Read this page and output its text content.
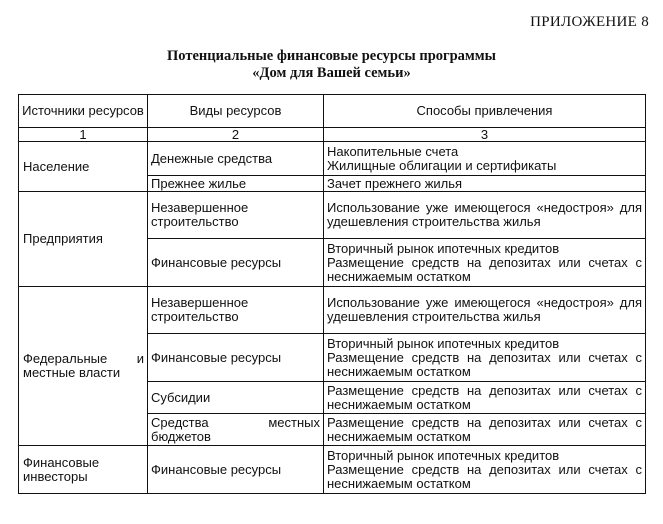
ПРИЛОЖЕНИЕ 8
Потенциальные финансовые ресурсы программы
«Дом для Вашей семьи»
Источники ресурсов	Виды ресурсов	Способы привлечения
1	2	3
Население	Денежные средства	Накопительные счета
Жилищные облигации и сертификаты

	Прежнее жилье	Зачет прежнего жилья
Предприятия	Незавершенное строительство	Использование уже имеющегося «недостроя» для удешевления строительства жилья
	Финансовые ресурсы	Вторичный рынок ипотечных кредитов
Размещение средств на депозитах или счетах с неснижаемым остатком

Федеральные и местные власти	Незавершенное строительство	Использование уже имеющегося «недостроя» для удешевления строительства жилья
	Финансовые ресурсы	Вторичный рынок ипотечных кредитов
Размещение средств на депозитах или счетах с неснижаемым остатком

	Субсидии	Размещение средств на депозитах или счетах с неснижаемым остатком
	Средства местных бюджетов	Размещение средств на депозитах или счетах с неснижаемым остатком
Финансовые инвесторы	Финансовые ресурсы	Вторичный рынок ипотечных кредитов
Размещение средств на депозитах или счетах с неснижаемым остатком
